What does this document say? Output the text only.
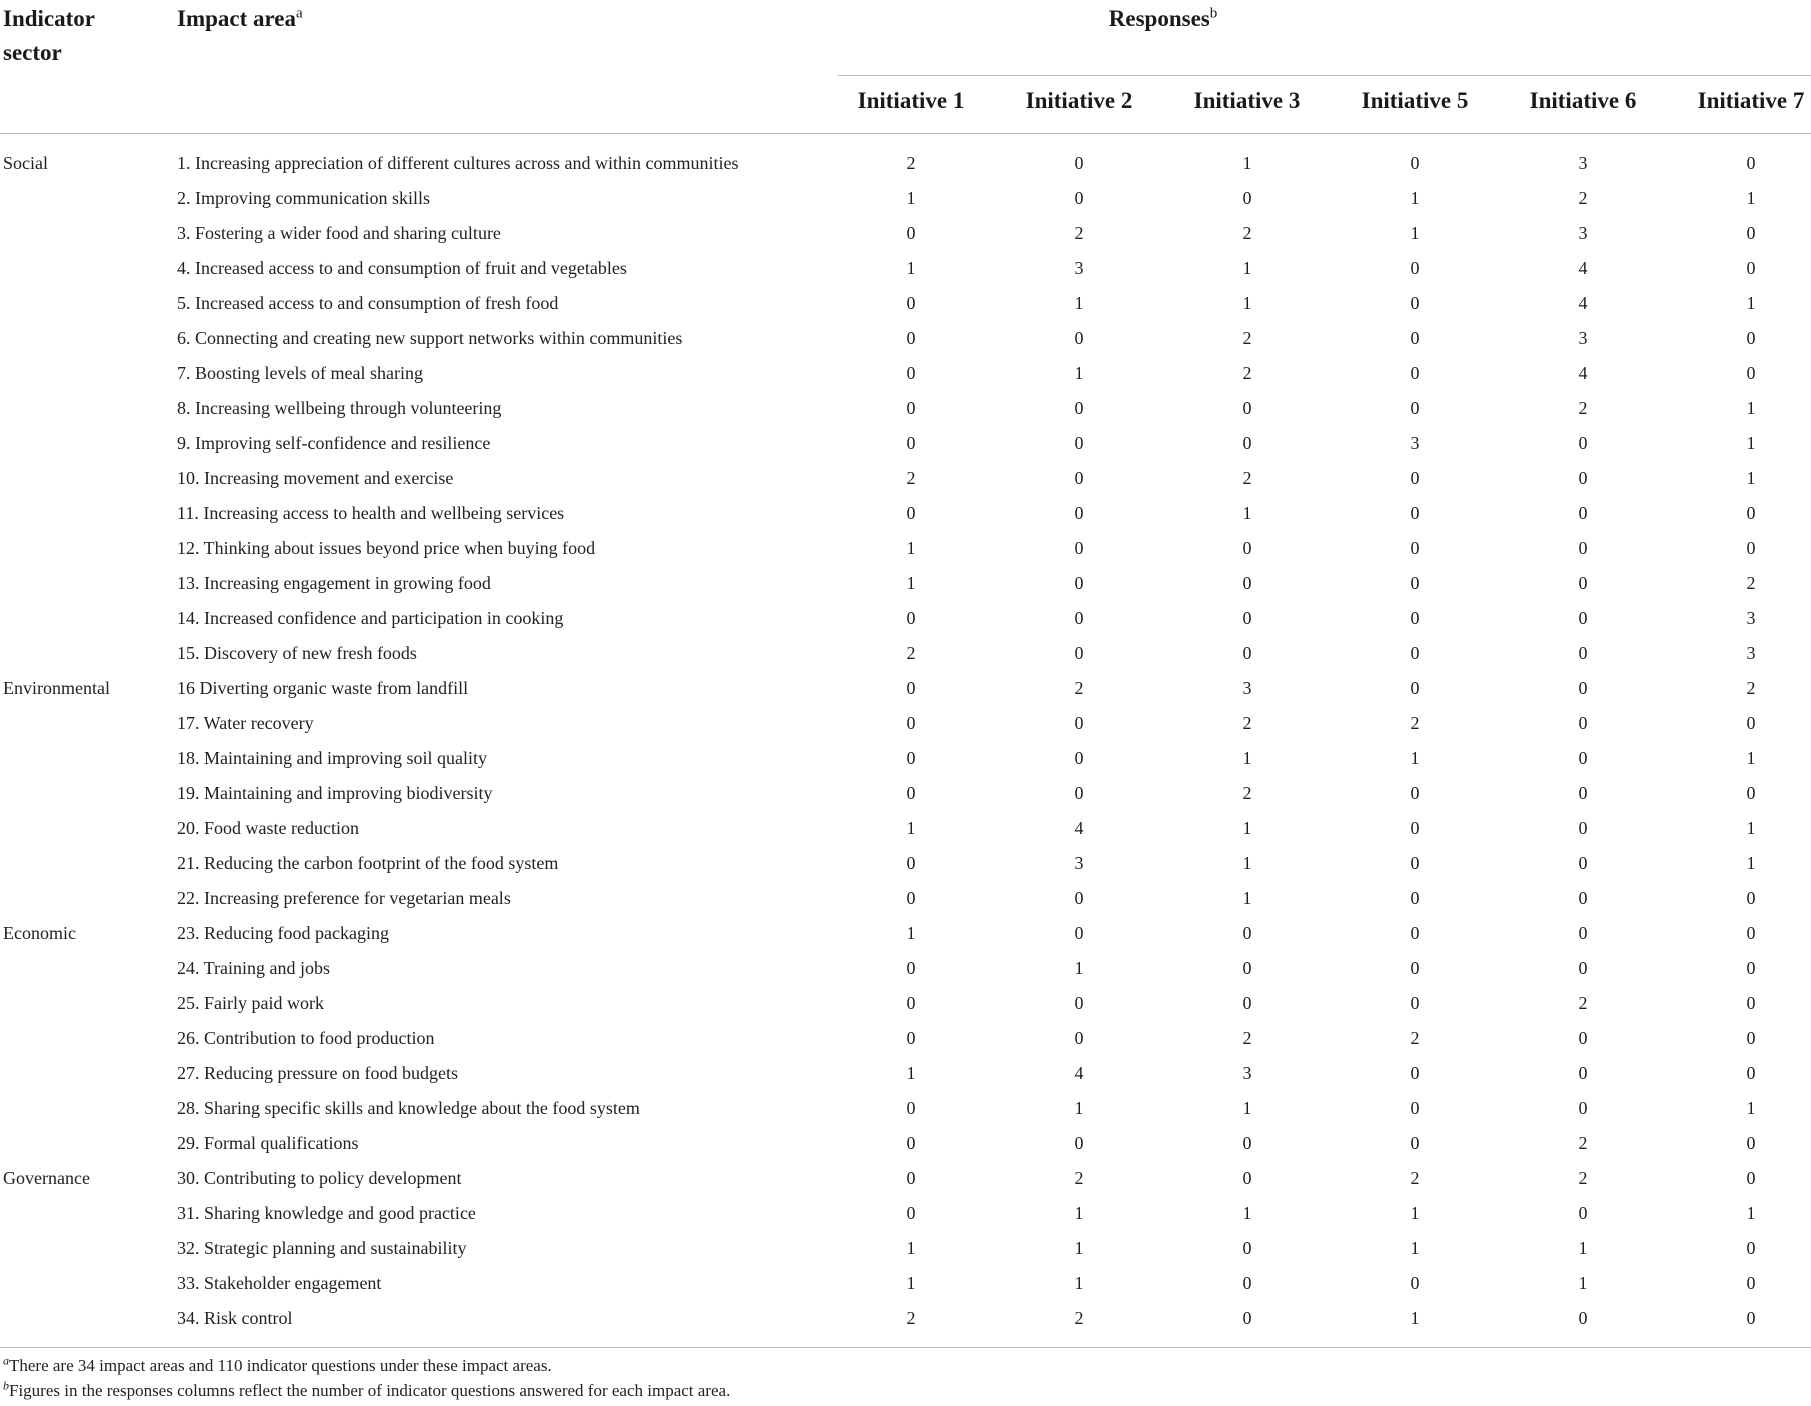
Indicator
sector
Impact area$^a$	Responses$^b$
Initiative 1	Initiative 2	Initiative 3	Initiative 5	Initiative 6	Initiative 7
Social	1. Increasing appreciation of different cultures across and within communities	2	0	1	0	3	0
2. Improving communication skills	1	0	0	1	2	1
3. Fostering a wider food and sharing culture	0	2	2	1	3	0
4. Increased access to and consumption of fruit and vegetables	1	3	1	0	4	0
5. Increased access to and consumption of fresh food	0	1	1	0	4	1
6. Connecting and creating new support networks within communities	0	0	2	0	3	0
7. Boosting levels of meal sharing	0	1	2	0	4	0
8. Increasing wellbeing through volunteering	0	0	0	0	2	1
9. Improving self-confidence and resilience	0	0	0	3	0	1
10. Increasing movement and exercise	2	0	2	0	0	1
11. Increasing access to health and wellbeing services	0	0	1	0	0	0
12. Thinking about issues beyond price when buying food	1	0	0	0	0	0
13. Increasing engagement in growing food	1	0	0	0	0	2
14. Increased confidence and participation in cooking	0	0	0	0	0	3
15. Discovery of new fresh foods	2	0	0	0	0	3
Environmental	16 Diverting organic waste from landfill	0	2	3	0	0	2
17. Water recovery	0	0	2	2	0	0
18. Maintaining and improving soil quality	0	0	1	1	0	1
19. Maintaining and improving biodiversity	0	0	2	0	0	0
20. Food waste reduction	1	4	1	0	0	1
21. Reducing the carbon footprint of the food system	0	3	1	0	0	1
22. Increasing preference for vegetarian meals	0	0	1	0	0	0
Economic	23. Reducing food packaging	1	0	0	0	0	0
24. Training and jobs	0	1	0	0	0	0
25. Fairly paid work	0	0	0	0	2	0
26. Contribution to food production	0	0	2	2	0	0
27. Reducing pressure on food budgets	1	4	3	0	0	0
28. Sharing specific skills and knowledge about the food system	0	1	1	0	0	1
29. Formal qualifications	0	0	0	0	2	0
Governance	30. Contributing to policy development	0	2	0	2	2	0
31. Sharing knowledge and good practice	0	1	1	1	0	1
32. Strategic planning and sustainability	1	1	0	1	1	0
33. Stakeholder engagement	1	1	0	0	1	0
34. Risk control	2	2	0	1	0	0
$^a$There are 34 impact areas and 110 indicator questions under these impact areas.
$^b$Figures in the responses columns reflect the number of indicator questions answered for each impact area.
